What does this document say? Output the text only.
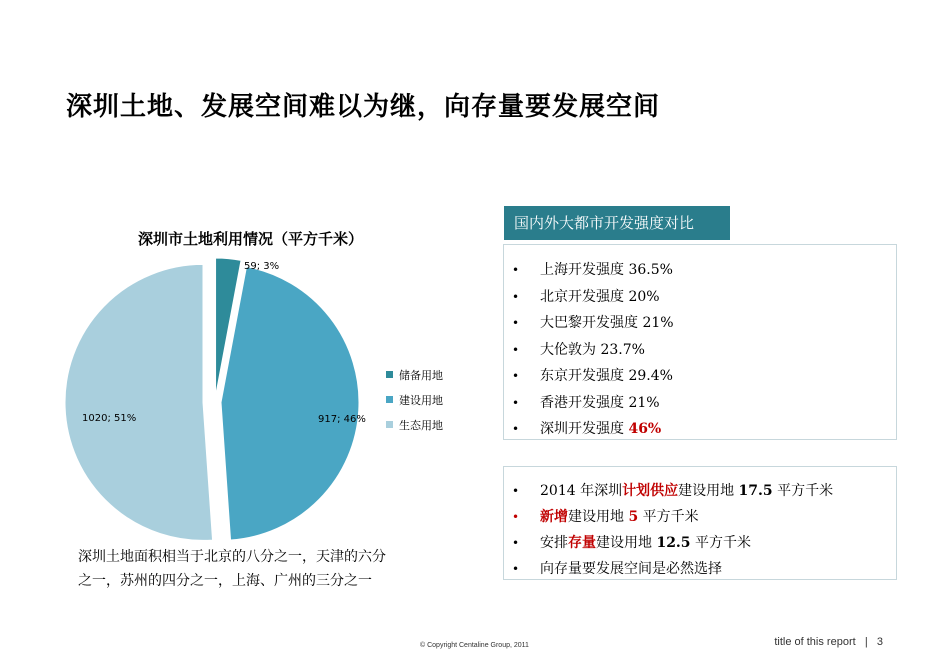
深圳土地、发展空间难以为继，向存量要发展空间
深圳市土地利用情况（平方千米）
59; 3%
917; 46%
1020; 51%
储备用地
建设用地
生态用地
深圳土地面积相当于北京的八分之一，天津的六分
之一，苏州的四分之一，上海、广州的三分之一
国内外大都市开发强度对比
• 上海开发强度 36.5%
• 北京开发强度 20%
• 大巴黎开发强度 21%
• 大伦敦为 23.7%
• 东京开发强度 29.4%
• 香港开发强度 21%
• 深圳开发强度 46%
• 2014 年深圳计划供应建设用地 17.5 平方千米
• 新增建设用地 5 平方千米
• 安排存量建设用地 12.5 平方千米
• 向存量要发展空间是必然选择
© Copyright Centaline Group, 2011	title of this report | 3
